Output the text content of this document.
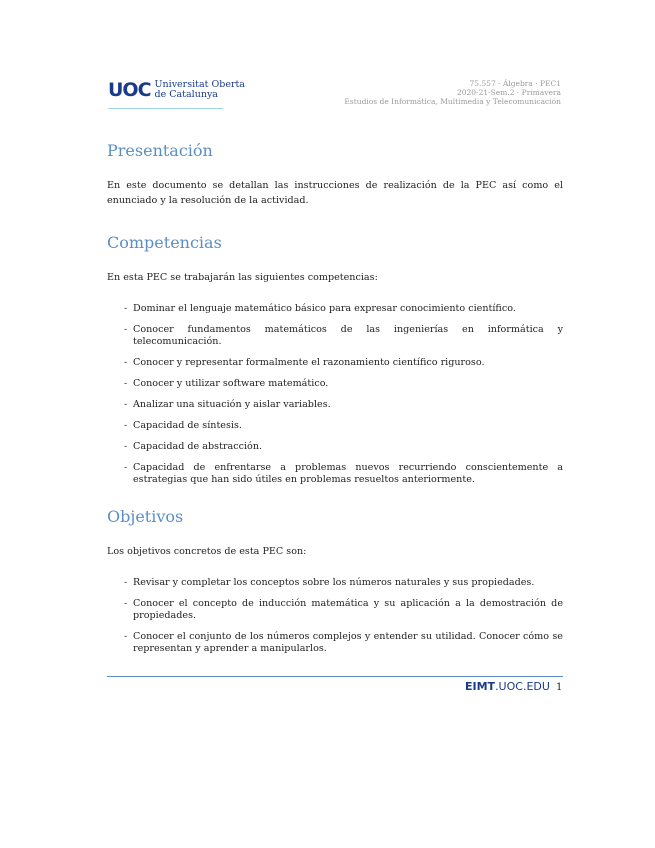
UOC Universitat Oberta
de Catalunya
75.557 · Álgebra · PEC1
2020-21-Sem.2 · Primavera
Estudios de Informática, Multimedia y Telecomunicación
Presentación

En este documento se detallan las instrucciones de realización de la PEC así como el enunciado y la resolución de la actividad.

Competencias

En esta PEC se trabajarán las siguientes competencias:

- Dominar el lenguaje matemático básico para expresar conocimiento científico.
- Conocer fundamentos matemáticos de las ingenierías en informática y telecomunicación.
- Conocer y representar formalmente el razonamiento científico riguroso.
- Conocer y utilizar software matemático.
- Analizar una situación y aislar variables.
- Capacidad de síntesis.
- Capacidad de abstracción.
- Capacidad de enfrentarse a problemas nuevos recurriendo conscientemente a estrategias que han sido útiles en problemas resueltos anteriormente.
Objetivos

Los objetivos concretos de esta PEC son:

- Revisar y completar los conceptos sobre los números naturales y sus propiedades.
- Conocer el concepto de inducción matemática y su aplicación a la demostración de propiedades.
- Conocer el conjunto de los números complejos y entender su utilidad. Conocer cómo se representan y aprender a manipularlos.
EIMT.UOC.EDU 1
